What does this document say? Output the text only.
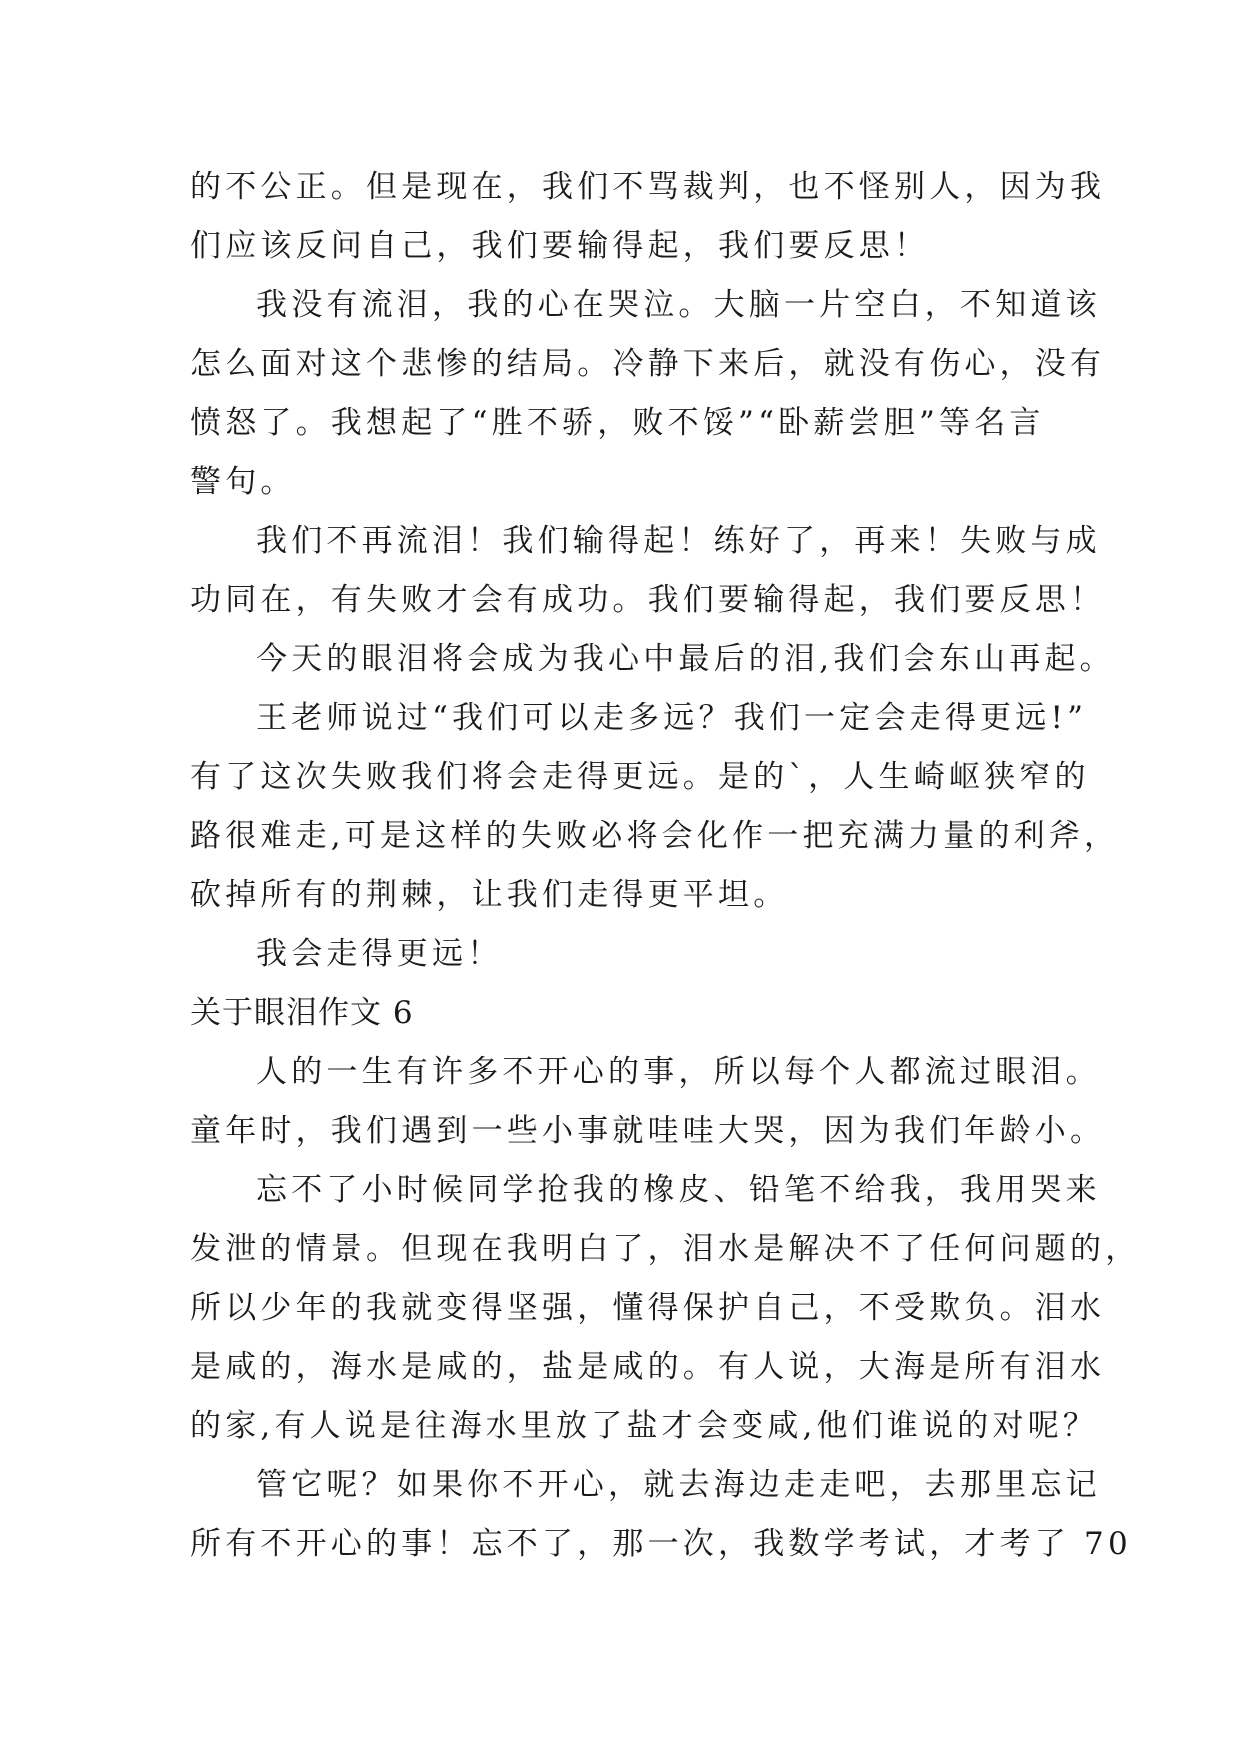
的不公正。但是现在，我们不骂裁判，也不怪别人，因为我
们应该反问自己，我们要输得起，我们要反思！
我没有流泪，我的心在哭泣。大脑一片空白，不知道该
怎么面对这个悲惨的结局。冷静下来后，就没有伤心，没有
愤怒了。我想起了“胜不骄，败不馁”“卧薪尝胆”等名言
警句。
我们不再流泪！我们输得起！练好了，再来！失败与成
功同在，有失败才会有成功。我们要输得起，我们要反思！
今天的眼泪将会成为我心中最后的泪,我们会东山再起。
王老师说过“我们可以走多远？我们一定会走得更远!”
有了这次失败我们将会走得更远。是的`，人生崎岖狭窄的
路很难走,可是这样的失败必将会化作一把充满力量的利斧，
砍掉所有的荆棘，让我们走得更平坦。
我会走得更远！
关于眼泪作文 6
人的一生有许多不开心的事，所以每个人都流过眼泪。
童年时，我们遇到一些小事就哇哇大哭，因为我们年龄小。
忘不了小时候同学抢我的橡皮、铅笔不给我，我用哭来
发泄的情景。但现在我明白了，泪水是解决不了任何问题的，
所以少年的我就变得坚强，懂得保护自己，不受欺负。泪水
是咸的，海水是咸的，盐是咸的。有人说，大海是所有泪水
的家,有人说是往海水里放了盐才会变咸,他们谁说的对呢？
管它呢？如果你不开心，就去海边走走吧，去那里忘记
所有不开心的事！忘不了，那一次，我数学考试，才考了 70
